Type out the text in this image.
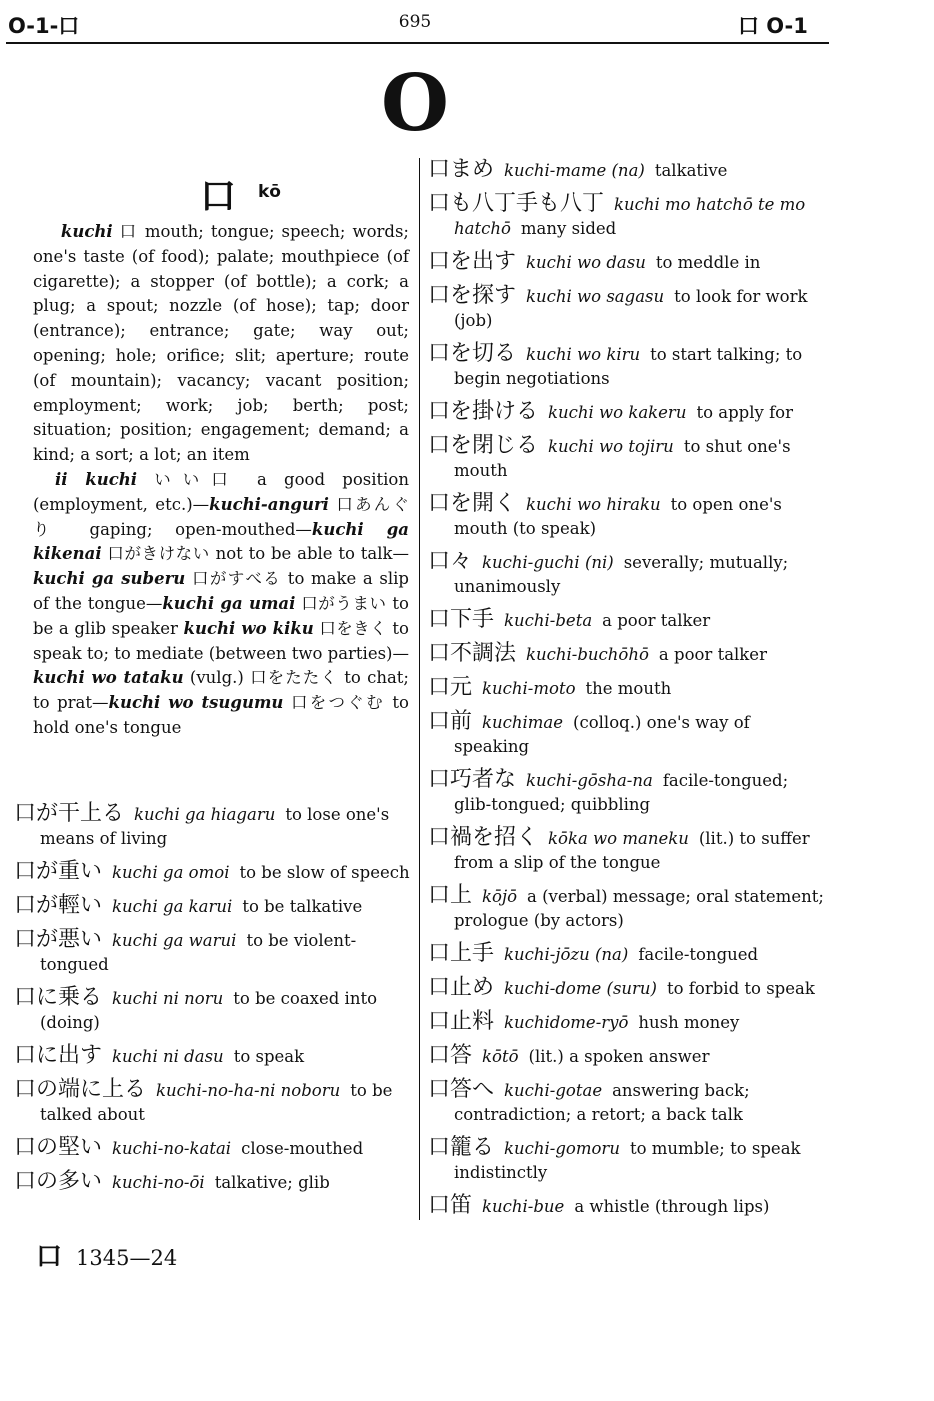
O-1-口	695	口 O-1
O
口 kō
kuchi 口 mouth; tongue; speech; words; one's taste (of food); palate; mouthpiece (of cigarette); a stopper (of bottle); a cork; a plug; a spout; nozzle (of hose); tap; door (entrance); entrance; gate; way out; opening; hole; orifice; slit; aperture; route (of mountain); vacancy; vacant position; employment; work; job; berth; post; situation; position; engagement; demand; a kind; a sort; a lot; an item
ii kuchi いい口 a good position (employment, etc.)—kuchi-anguri 口あんぐり gaping; open-mouthed—kuchi ga kikenai 口がきけない not to be able to talk—kuchi ga suberu 口がすべる to make a slip of the tongue—kuchi ga umai 口がうまい to be a glib speaker kuchi wo kiku 口をきく to speak to; to mediate (between two parties)—kuchi wo tataku (vulg.) 口をたたく to chat; to prat—kuchi wo tsugumu 口をつぐむ to hold one's tongue
口が干上る kuchi ga hiagaru to lose one's means of living
口が重い kuchi ga omoi to be slow of speech
口が輕い kuchi ga karui to be talkative
口が悪い kuchi ga warui to be violent-tongued
口に乗る kuchi ni noru to be coaxed into (doing)
口に出す kuchi ni dasu to speak
口の端に上る kuchi-no-ha-ni noboru to be talked about
口の堅い kuchi-no-katai close-mouthed
口の多い kuchi-no-ōi talkative; glib
口まめ kuchi-mame (na) talkative
口も八丁手も八丁 kuchi mo hatchō te mo hatchō many sided
口を出す kuchi wo dasu to meddle in
口を探す kuchi wo sagasu to look for work (job)
口を切る kuchi wo kiru to start talking; to begin negotiations
口を掛ける kuchi wo kakeru to apply for
口を閉じる kuchi wo tojiru to shut one's mouth
口を開く kuchi wo hiraku to open one's mouth (to speak)
口々 kuchi-guchi (ni) severally; mutually; unanimously
口下手 kuchi-beta a poor talker
口不調法 kuchi-buchōhō a poor talker
口元 kuchi-moto the mouth
口前 kuchimae (colloq.) one's way of speaking
口巧者な kuchi-gōsha-na facile-tongued; glib-tongued; quibbling
口禍を招く kōka wo maneku (lit.) to suffer from a slip of the tongue
口上 kōjō a (verbal) message; oral statement; prologue (by actors)
口上手 kuchi-jōzu (na) facile-tongued
口止め kuchi-dome (suru) to forbid to speak
口止料 kuchidome-ryō hush money
口答 kōtō (lit.) a spoken answer
口答へ kuchi-gotae answering back; contradiction; a retort; a back talk
口籠る kuchi-gomoru to mumble; to speak indistinctly
口笛 kuchi-bue a whistle (through lips)
口 1345—24
